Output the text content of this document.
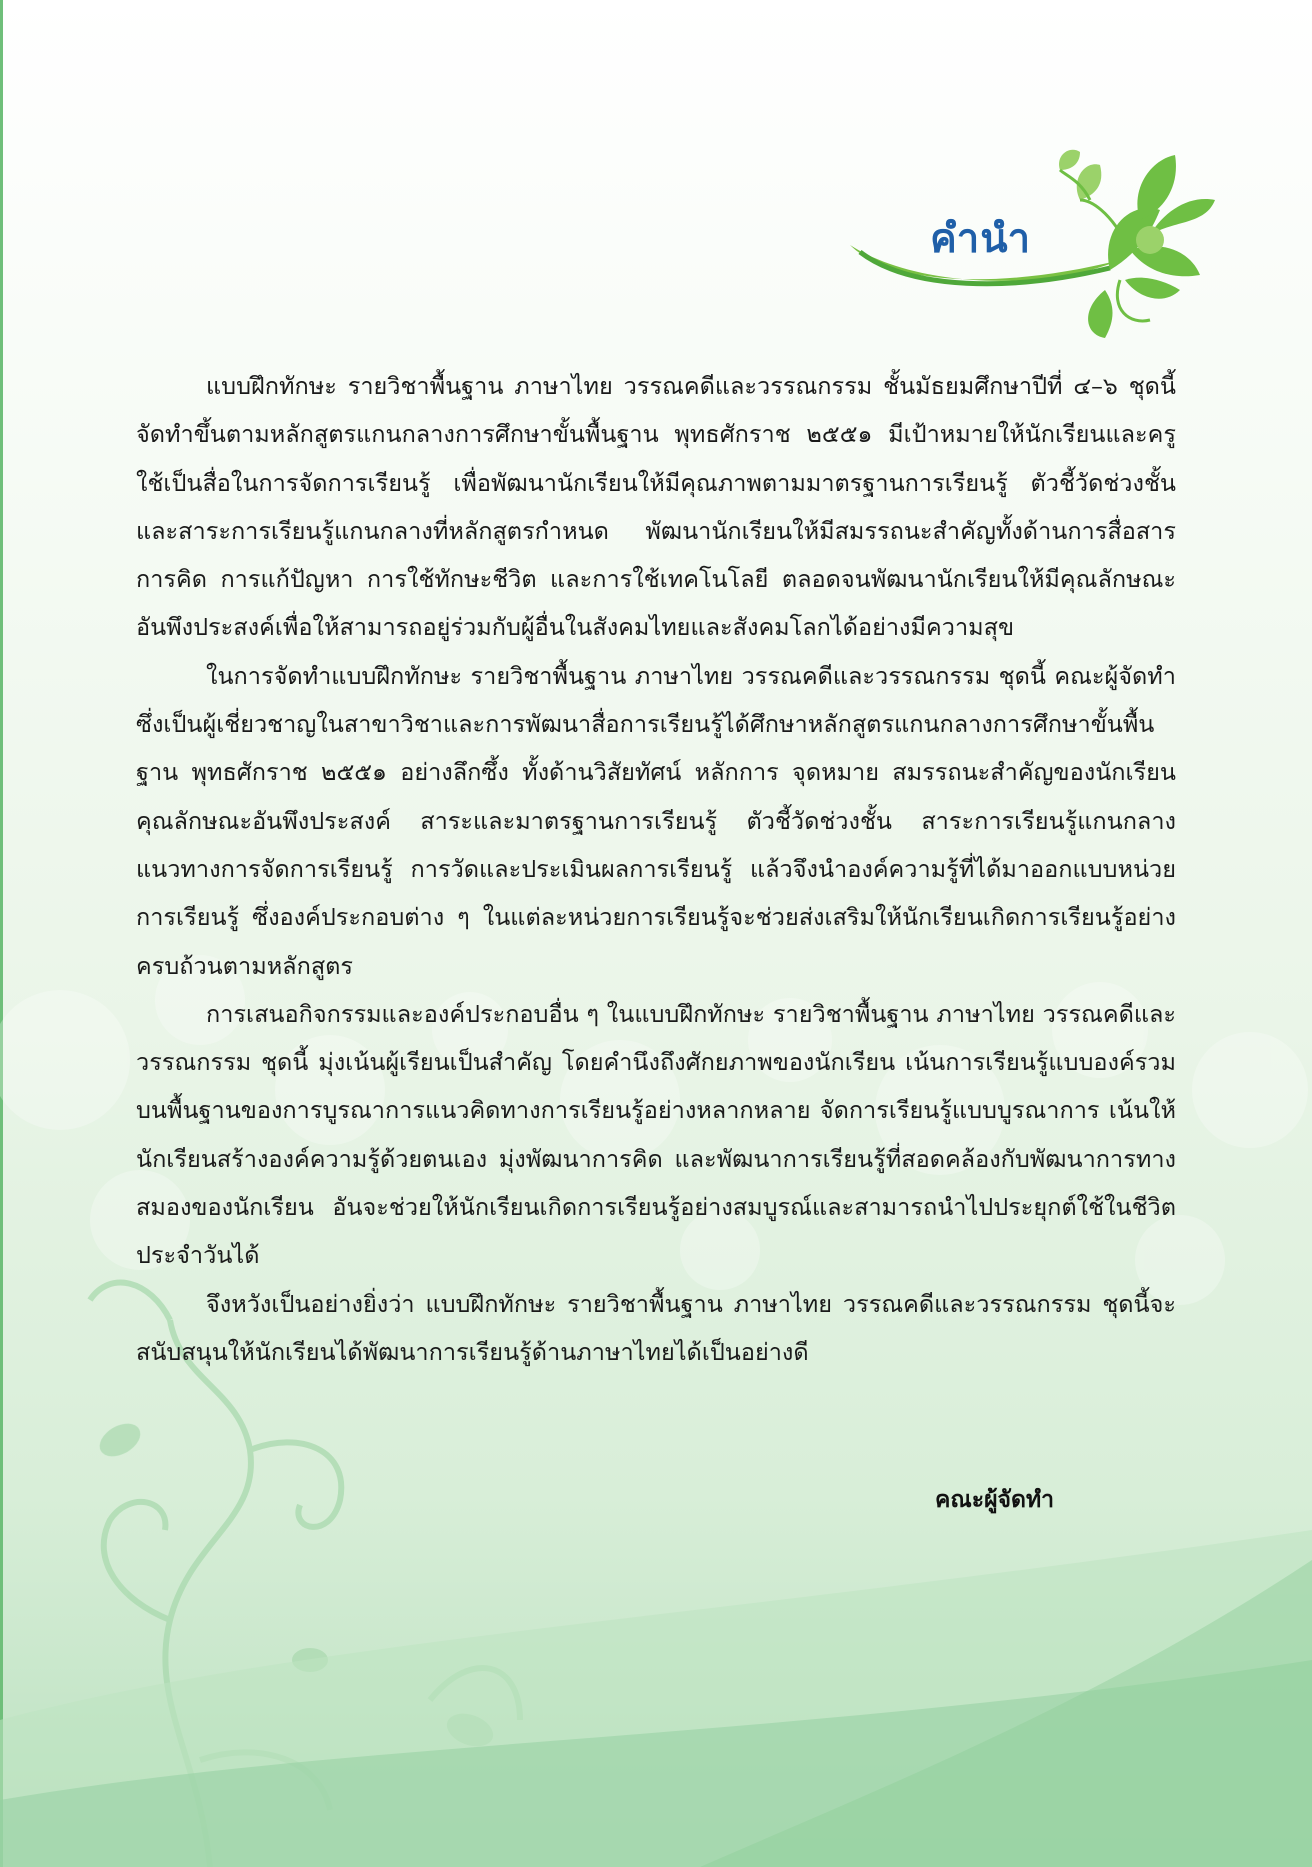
คำนำ

แบบฝึกทักษะ รายวิชาพื้นฐาน ภาษาไทย วรรณคดีและวรรณกรรม ชั้นมัธยมศึกษาปีที่ ๔–๖ ชุดนี้จัดทำขึ้นตามหลักสูตรแกนกลางการศึกษาขั้นพื้นฐาน พุทธศักราช ๒๕๕๑ มีเป้าหมายให้นักเรียนและครูใช้เป็นสื่อในการจัดการเรียนรู้ เพื่อพัฒนานักเรียนให้มีคุณภาพตามมาตรฐานการเรียนรู้ ตัวชี้วัดช่วงชั้น และสาระการเรียนรู้แกนกลางที่หลักสูตรกำหนด พัฒนานักเรียนให้มีสมรรถนะสำคัญทั้งด้านการสื่อสาร การคิด การแก้ปัญหา การใช้ทักษะชีวิต และการใช้เทคโนโลยี ตลอดจนพัฒนานักเรียนให้มีคุณลักษณะอันพึงประสงค์เพื่อให้สามารถอยู่ร่วมกับผู้อื่นในสังคมไทยและสังคมโลกได้อย่างมีความสุข

ในการจัดทำแบบฝึกทักษะ รายวิชาพื้นฐาน ภาษาไทย วรรณคดีและวรรณกรรม ชุดนี้ คณะผู้จัดทำซึ่งเป็นผู้เชี่ยวชาญในสาขาวิชาและการพัฒนาสื่อการเรียนรู้ได้ศึกษาหลักสูตรแกนกลางการศึกษาขั้นพื้นฐาน พุทธศักราช ๒๕๕๑ อย่างลึกซึ้ง ทั้งด้านวิสัยทัศน์ หลักการ จุดหมาย สมรรถนะสำคัญของนักเรียนคุณลักษณะอันพึงประสงค์ สาระและมาตรฐานการเรียนรู้ ตัวชี้วัดช่วงชั้น สาระการเรียนรู้แกนกลาง แนวทางการจัดการเรียนรู้ การวัดและประเมินผลการเรียนรู้ แล้วจึงนำองค์ความรู้ที่ได้มาออกแบบหน่วยการเรียนรู้ ซึ่งองค์ประกอบต่าง ๆ ในแต่ละหน่วยการเรียนรู้จะช่วยส่งเสริมให้นักเรียนเกิดการเรียนรู้อย่างครบถ้วนตามหลักสูตร

การเสนอกิจกรรมและองค์ประกอบอื่น ๆ ในแบบฝึกทักษะ รายวิชาพื้นฐาน ภาษาไทย วรรณคดีและวรรณกรรม ชุดนี้ มุ่งเน้นผู้เรียนเป็นสำคัญ โดยคำนึงถึงศักยภาพของนักเรียน เน้นการเรียนรู้แบบองค์รวมบนพื้นฐานของการบูรณาการแนวคิดทางการเรียนรู้อย่างหลากหลาย จัดการเรียนรู้แบบบูรณาการ เน้นให้นักเรียนสร้างองค์ความรู้ด้วยตนเอง มุ่งพัฒนาการคิด และพัฒนาการเรียนรู้ที่สอดคล้องกับพัฒนาการทางสมองของนักเรียน อันจะช่วยให้นักเรียนเกิดการเรียนรู้อย่างสมบูรณ์และสามารถนำไปประยุกต์ใช้ในชีวิตประจำวันได้

จึงหวังเป็นอย่างยิ่งว่า แบบฝึกทักษะ รายวิชาพื้นฐาน ภาษาไทย วรรณคดีและวรรณกรรม ชุดนี้จะสนับสนุนให้นักเรียนได้พัฒนาการเรียนรู้ด้านภาษาไทยได้เป็นอย่างดี

คณะผู้จัดทำ
